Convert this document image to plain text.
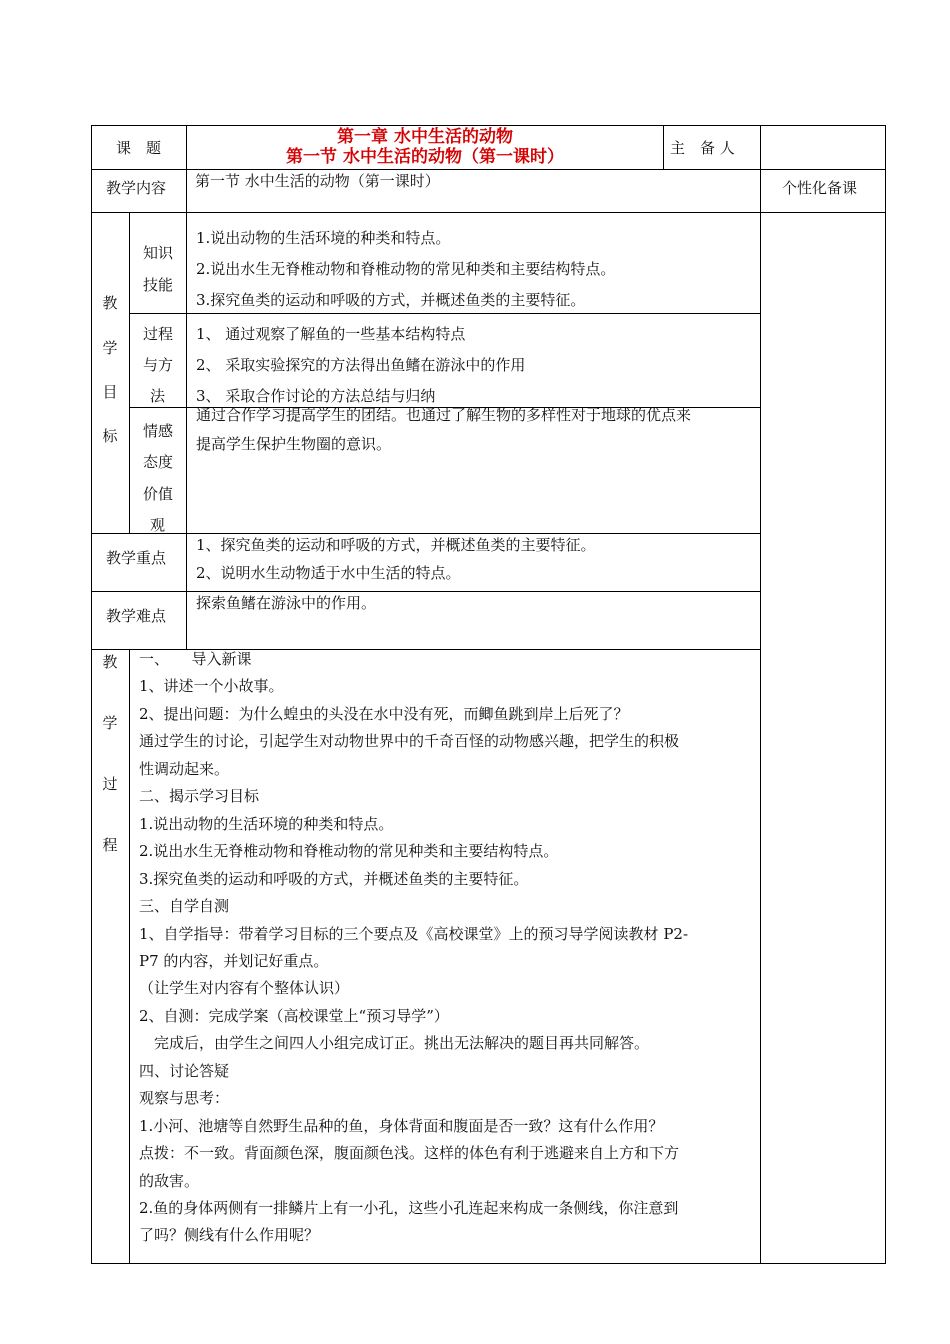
课　题
第一章 水中生活的动物
第一节 水中生活的动物（第一课时）	主　备 人
教学内容 第一节 水中生活的动物（第一课时）	个性化备课
教
学
目
标
知识
技能
1.说出动物的生活环境的种类和特点。
2.说出水生无脊椎动物和脊椎动物的常见种类和主要结构特点。
3.探究鱼类的运动和呼吸的方式，并概述鱼类的主要特征。
过程
与方
法
1、 通过观察了解鱼的一些基本结构特点
2、 采取实验探究的方法得出鱼鳍在游泳中的作用
3、 采取合作讨论的方法总结与归纳
情感
态度
价值
观
通过合作学习提高学生的团结。也通过了解生物的多样性对于地球的优点来
提高学生保护生物圈的意识。
教学重点
1、探究鱼类的运动和呼吸的方式，并概述鱼类的主要特征。
2、说明水生动物适于水中生活的特点。
教学难点
探索鱼鳍在游泳中的作用。
教
学
过
程
一、　　导入新课
1、讲述一个小故事。
2、提出问题：为什么蝗虫的头没在水中没有死，而鲫鱼跳到岸上后死了？
通过学生的讨论，引起学生对动物世界中的千奇百怪的动物感兴趣，把学生的积极
性调动起来。
二、揭示学习目标
1.说出动物的生活环境的种类和特点。
2.说出水生无脊椎动物和脊椎动物的常见种类和主要结构特点。
3.探究鱼类的运动和呼吸的方式，并概述鱼类的主要特征。
三、自学自测
1、自学指导：带着学习目标的三个要点及《高校课堂》上的预习导学阅读教材 P2-
P7 的内容，并划记好重点。
（让学生对内容有个整体认识）
2、自测：完成学案（高校课堂上“预习导学”）
　完成后，由学生之间四人小组完成订正。挑出无法解决的题目再共同解答。
四、讨论答疑
观察与思考：
1.小河、池塘等自然野生品种的鱼，身体背面和腹面是否一致？这有什么作用？
点拨：不一致。背面颜色深，腹面颜色浅。这样的体色有利于逃避来自上方和下方
的敌害。
2.鱼的身体两侧有一排鳞片上有一小孔，这些小孔连起来构成一条侧线，你注意到
了吗？侧线有什么作用呢？
